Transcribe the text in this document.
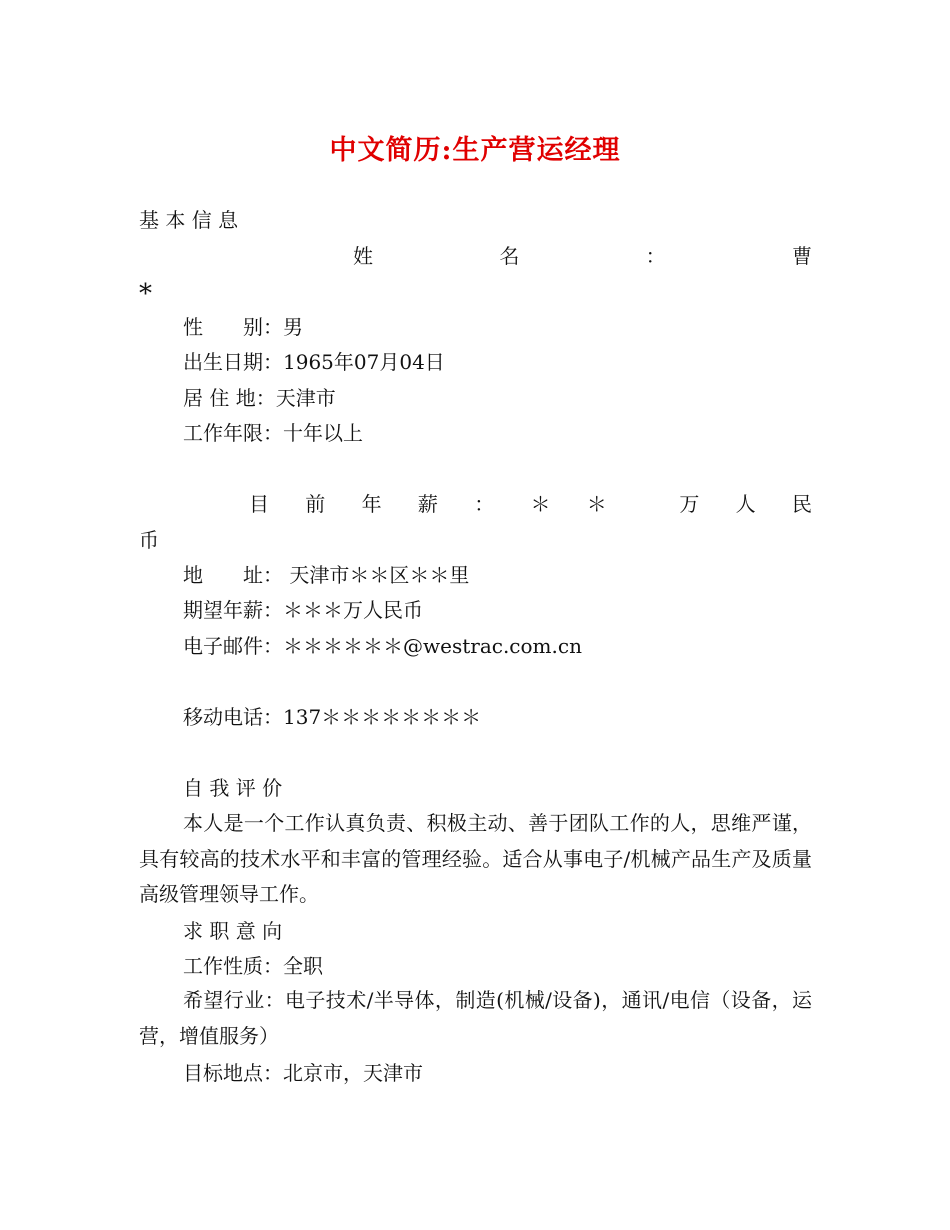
中文简历:生产营运经理
基 本 信 息
姓	名	：	曹
*
性　　别：男
出生日期：1965年07月04日
居 住 地：天津市
工作年限：十年以上
目 前 年 薪 ： ＊ ＊	万 人 民
币
地　　址： 天津市＊＊区＊＊里
期望年薪：＊＊＊万人民币
电子邮件：＊＊＊＊＊＊@westrac.com.cn
移动电话：137＊＊＊＊＊＊＊＊
自 我 评 价
本人是一个工作认真负责、积极主动、善于团队工作的人，思维严谨，具有较高的技术水平和丰富的管理经验。适合从事电子/机械产品生产及质量高级管理领导工作。
求 职 意 向
工作性质：全职
希望行业：电子技术/半导体，制造(机械/设备)，通讯/电信（设备，运营，增值服务）
目标地点：北京市，天津市
